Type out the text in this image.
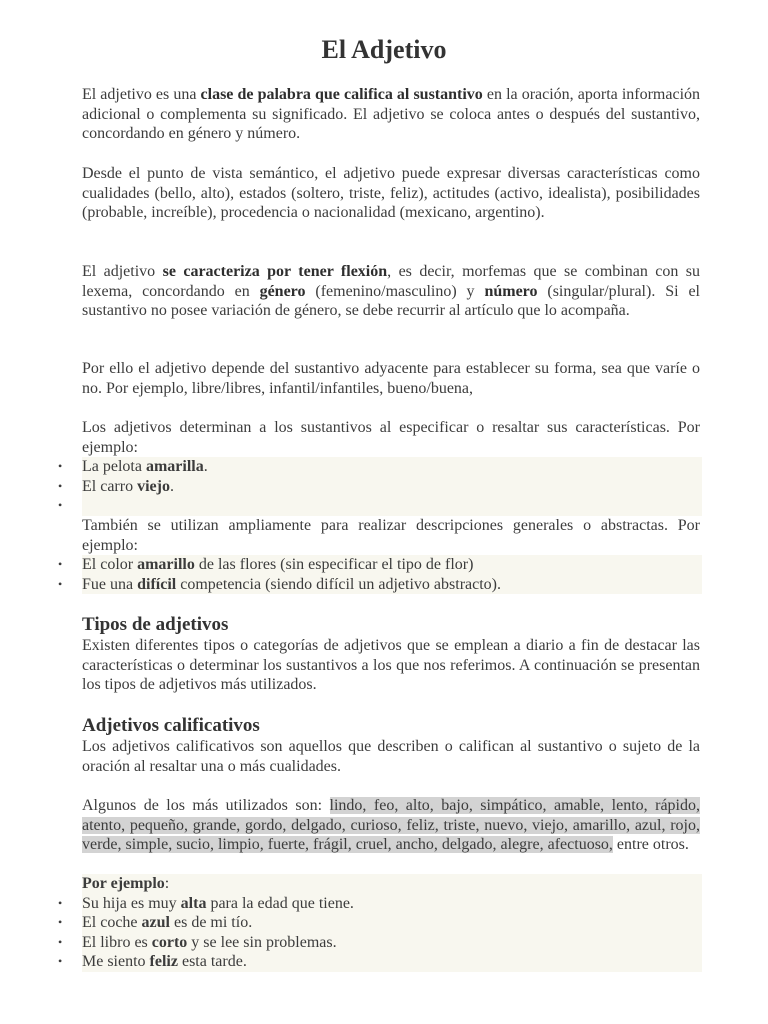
El Adjetivo
El adjetivo es una clase de palabra que califica al sustantivo en la oración, aporta información adicional o complementa su significado. El adjetivo se coloca antes o después del sustantivo, concordando en género y número.
Desde el punto de vista semántico, el adjetivo puede expresar diversas características como cualidades (bello, alto), estados (soltero, triste, feliz), actitudes (activo, idealista), posibilidades (probable, increíble), procedencia o nacionalidad (mexicano, argentino).
El adjetivo se caracteriza por tener flexión, es decir, morfemas que se combinan con su lexema, concordando en género (femenino/masculino) y número (singular/plural). Si el sustantivo no posee variación de género, se debe recurrir al artículo que lo acompaña.
Por ello el adjetivo depende del sustantivo adyacente para establecer su forma, sea que varíe o no. Por ejemplo, libre/libres, infantil/infantiles, bueno/buena,
Los adjetivos determinan a los sustantivos al especificar o resaltar sus características. Por ejemplo:
• La pelota amarilla.
• El carro viejo.
•
También se utilizan ampliamente para realizar descripciones generales o abstractas. Por ejemplo:
• El color amarillo de las flores (sin especificar el tipo de flor)
• Fue una difícil competencia (siendo difícil un adjetivo abstracto).
Tipos de adjetivos
Existen diferentes tipos o categorías de adjetivos que se emplean a diario a fin de destacar las características o determinar los sustantivos a los que nos referimos. A continuación se presentan los tipos de adjetivos más utilizados.
Adjetivos calificativos
Los adjetivos calificativos son aquellos que describen o califican al sustantivo o sujeto de la oración al resaltar una o más cualidades.
Algunos de los más utilizados son: lindo, feo, alto, bajo, simpático, amable, lento, rápido, atento, pequeño, grande, gordo, delgado, curioso, feliz, triste, nuevo, viejo, amarillo, azul, rojo, verde, simple, sucio, limpio, fuerte, frágil, cruel, ancho, delgado, alegre, afectuoso, entre otros.
Por ejemplo:
• Su hija es muy alta para la edad que tiene.
• El coche azul es de mi tío.
• El libro es corto y se lee sin problemas.
• Me siento feliz esta tarde.
